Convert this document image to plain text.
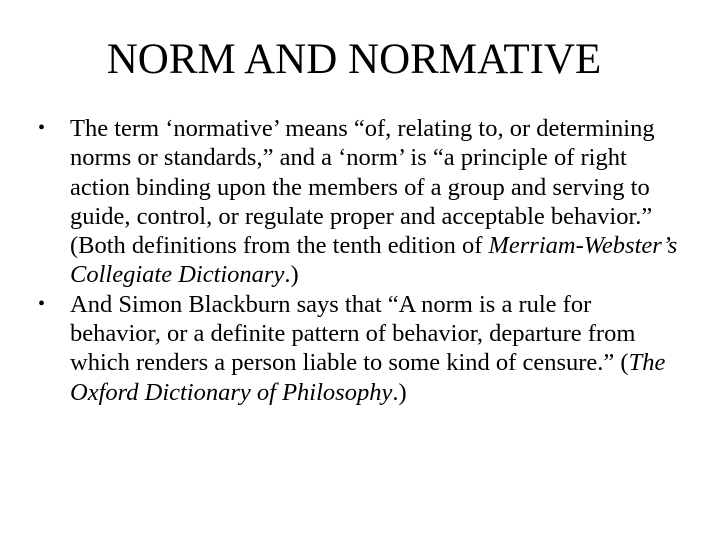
NORM AND NORMATIVE
• The term ‘normative’ means “of, relating to, or determining norms or standards,” and a ‘norm’ is “a principle of right action binding upon the members of a group and serving to guide, control, or regulate proper and acceptable behavior.” (Both definitions from the tenth edition of Merriam-Webster’s Collegiate Dictionary.)
• And Simon Blackburn says that “A norm is a rule for behavior, or a definite pattern of behavior, departure from which renders a person liable to some kind of censure.” (The Oxford Dictionary of Philosophy.)
